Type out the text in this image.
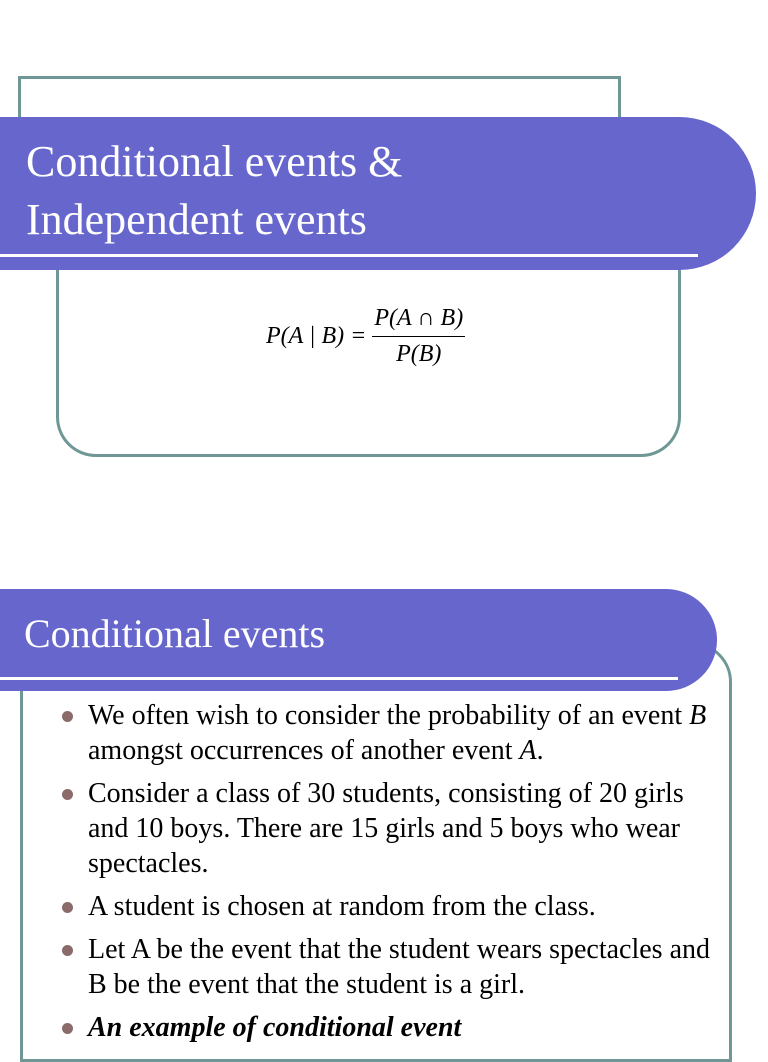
Conditional events &
Independent events
P(A | $B) = \frac{P(A \cap B)}{P(B)}$
Conditional events
We often wish to consider the probability of an event B amongst occurrences of another event A.
Consider a class of 30 students, consisting of 20 girls and 10 boys. There are 15 girls and 5 boys who wear spectacles.
A student is chosen at random from the class.
Let A be the event that the student wears spectacles and B be the event that the student is a girl.
An example of conditional event
